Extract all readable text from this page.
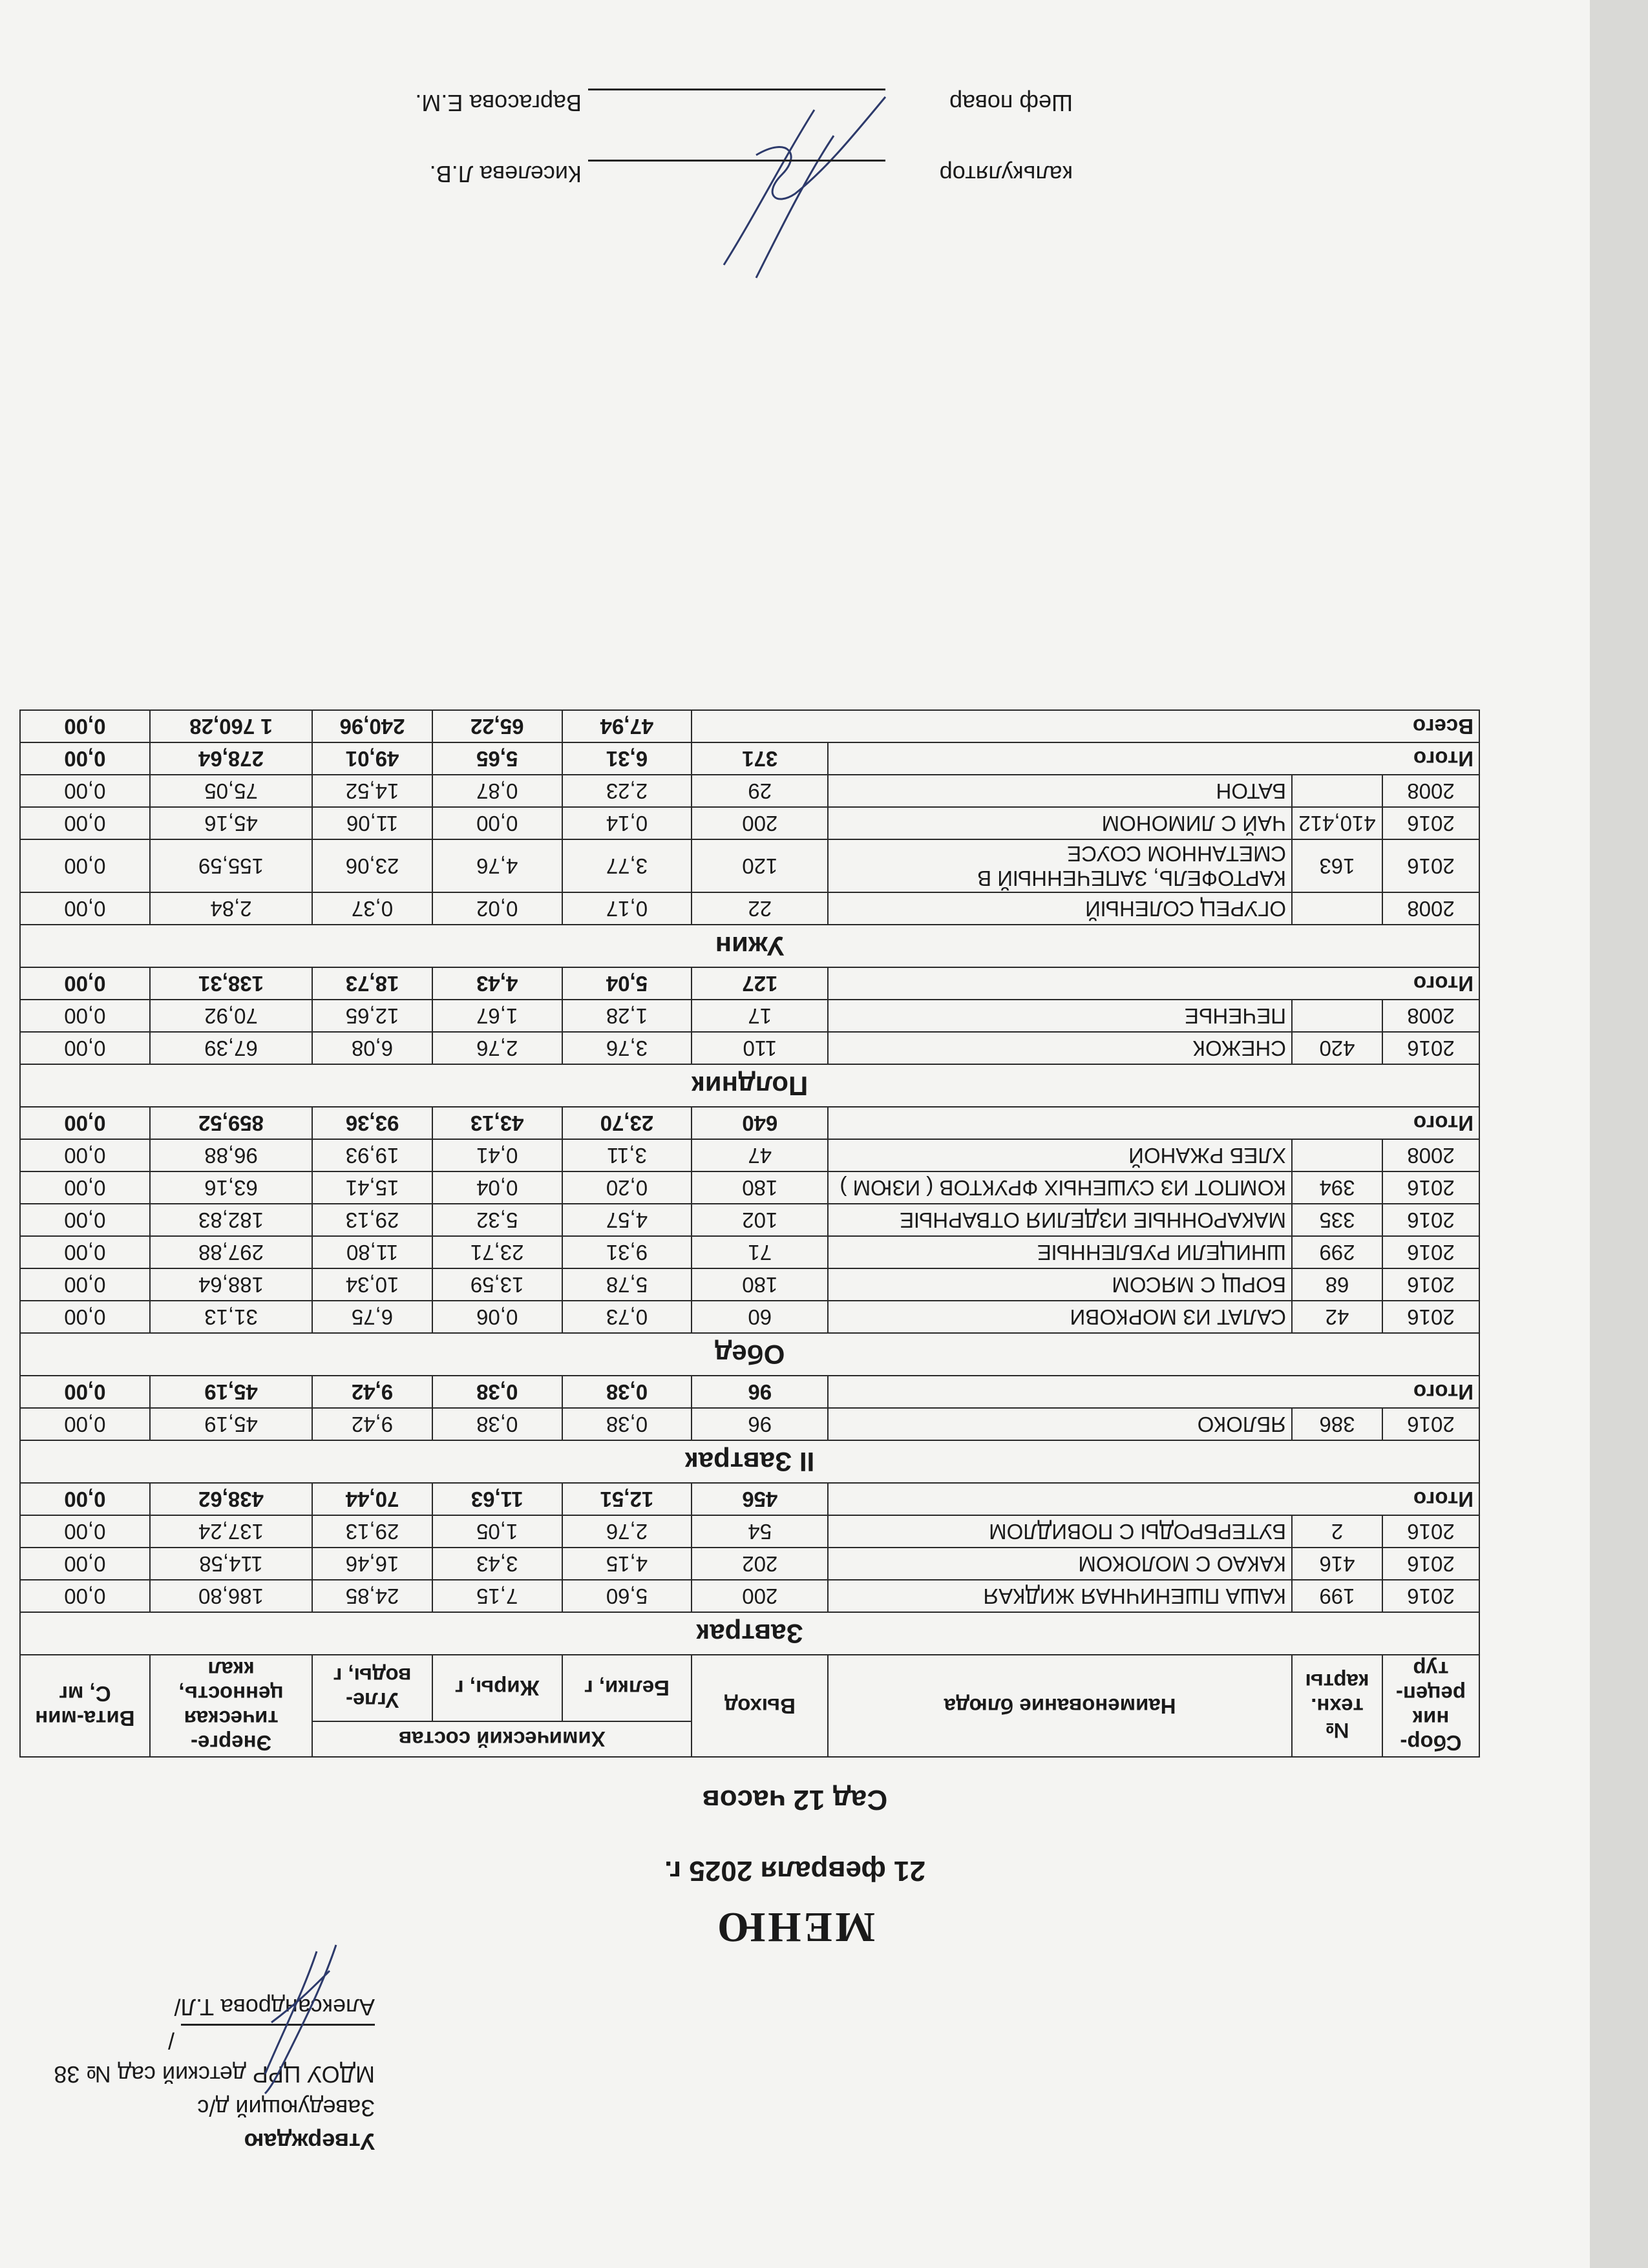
Утверждаю
Заведующий д/с
МДОУ ЦРР детский сад № 38
/Александрова Т.Л/
МЕНЮ
21 февраля 2025 г.
Сад 12 часов
Сбор-ник рецеп-тур	№ техн. карты	Наименование блюда	Выход	Химический состав			Энерге-тическая ценность, ккал	Вита-мин С, мг
				Белки, г	Жиры, г	Угле-воды, г		
Завтрак								
2016	199	КАША ПШЕНИЧНАЯ ЖИДКАЯ	200	5,60	7,15	24,85	186,80	0,00
2016	416	КАКАО С МОЛОКОМ	202	4,15	3,43	16,46	114,58	0,00
2016	2	БУТЕРБРОДЫ С ПОВИДЛОМ	54	2,76	1,05	29,13	137,24	0,00
Итого			456	12,51	11,63	70,44	438,62	0,00
II Завтрак								
2016	386	ЯБЛОКО	96	0,38	0,38	9,42	45,19	0,00
Итого			96	0,38	0,38	9,42	45,19	0,00
Обед								
2016	42	САЛАТ ИЗ МОРКОВИ	60	0,73	0,06	6,75	31,13	0,00
2016	68	БОРЩ С МЯСОМ	180	5,78	13,59	10,34	188,64	0,00
2016	299	ШНИЦЕЛИ РУБЛЕННЫЕ	71	9,31	23,71	11,80	297,88	0,00
2016	335	МАКАРОННЫЕ ИЗДЕЛИЯ ОТВАРНЫЕ	102	4,57	5,32	29,13	182,83	0,00
2016	394	КОМПОТ ИЗ СУШЕНЫХ ФРУКТОВ ( ИЗЮМ )	180	0,20	0,04	15,41	63,16	0,00
2008		ХЛЕБ РЖАНОЙ	47	3,11	0,41	19,93	96,88	0,00
Итого			640	23,70	43,13	93,36	859,52	0,00
Полдник								
2016	420	СНЕЖОК	110	3,76	2,76	6,08	67,39	0,00
2008		ПЕЧЕНЬЕ	17	1,28	1,67	12,65	70,92	0,00
Итого			127	5,04	4,43	18,73	138,31	0,00
Ужин								
2008		ОГУРЕЦ СОЛЕНЫЙ	22	0,17	0,02	0,37	2,84	0,00
2016	163	КАРТОФЕЛЬ, ЗАПЕЧЕННЫЙ В СМЕТАННОМ СОУСЕ	120	3,77	4,76	23,06	155,59	0,00
2016	410,412	ЧАЙ С ЛИМОНОМ	200	0,14	0,00	11,06	45,16	0,00
2008		БАТОН	29	2,23	0,87	14,52	75,05	0,00
Итого			371	6,31	5,65	49,01	278,64	0,00
Всего				47,94	65,22	240,96	1 760,28	0,00
калькулятор
Киселева Л.В.
Шеф повар
Варгасова Е.М.
